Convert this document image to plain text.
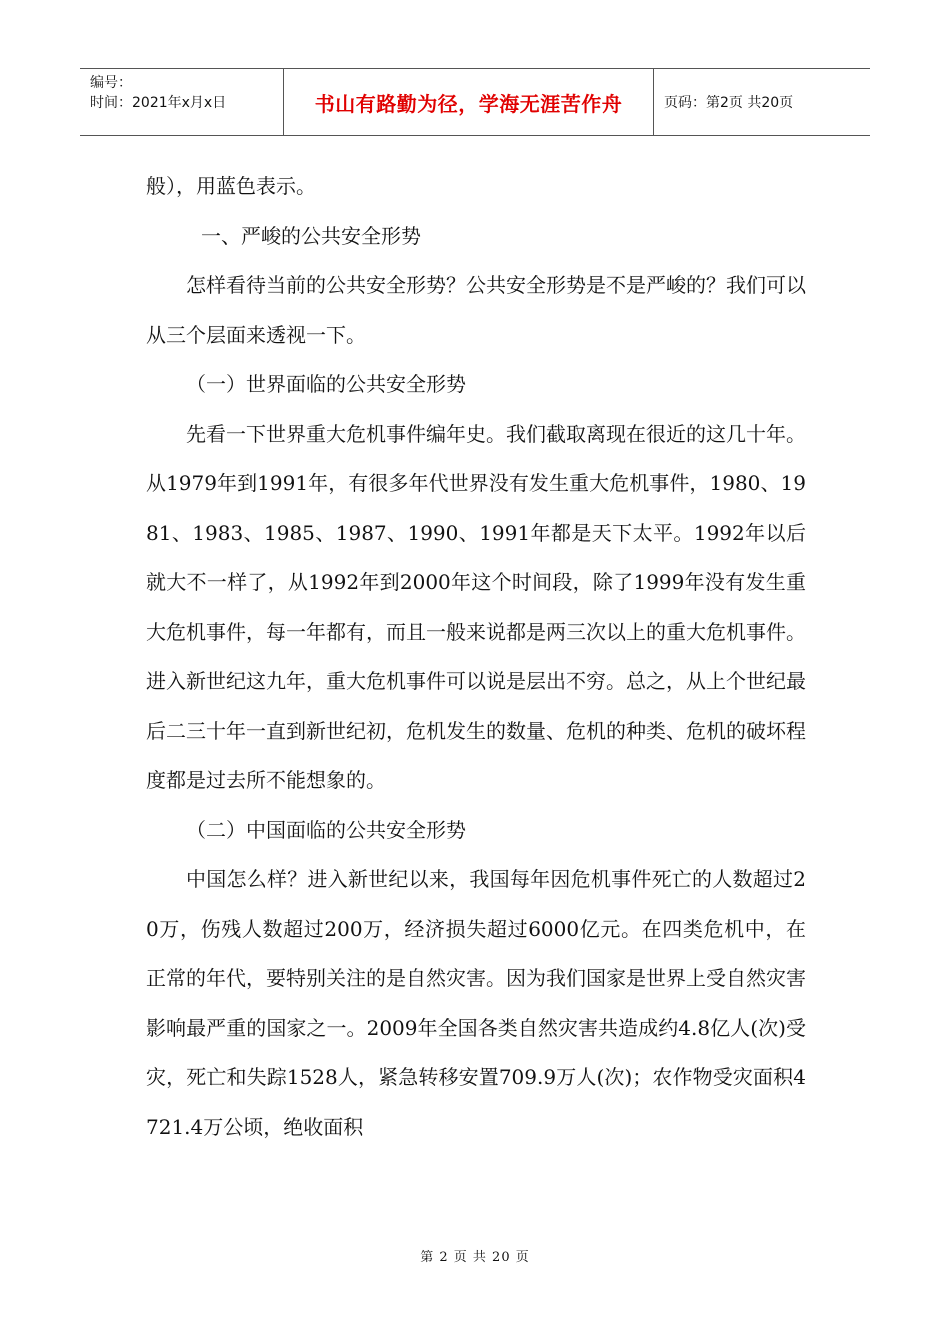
编号：
时间：2021年x月x日	书山有路勤为径，学海无涯苦作舟	页码：第2页 共20页

般），用蓝色表示。

一、严峻的公共安全形势

怎样看待当前的公共安全形势？公共安全形势是不是严峻的？我们可以从三个层面来透视一下。

（一）世界面临的公共安全形势

先看一下世界重大危机事件编年史。我们截取离现在很近的这几十年。从1979年到1991年，有很多年代世界没有发生重大危机事件，1980、1981、1983、1985、1987、1990、1991年都是天下太平。1992年以后就大不一样了，从1992年到2000年这个时间段，除了1999年没有发生重大危机事件，每一年都有，而且一般来说都是两三次以上的重大危机事件。进入新世纪这九年，重大危机事件可以说是层出不穷。总之，从上个世纪最后二三十年一直到新世纪初，危机发生的数量、危机的种类、危机的破坏程度都是过去所不能想象的。

（二）中国面临的公共安全形势

中国怎么样？进入新世纪以来，我国每年因危机事件死亡的人数超过20万，伤残人数超过200万，经济损失超过6000亿元。在四类危机中，在正常的年代，要特别关注的是自然灾害。因为我们国家是世界上受自然灾害影响最严重的国家之一。2009年全国各类自然灾害共造成约4.8亿人(次)受灾，死亡和失踪1528人，紧急转移安置709.9万人(次)；农作物受灾面积4721.4万公顷，绝收面积

第 2 页 共 20 页
